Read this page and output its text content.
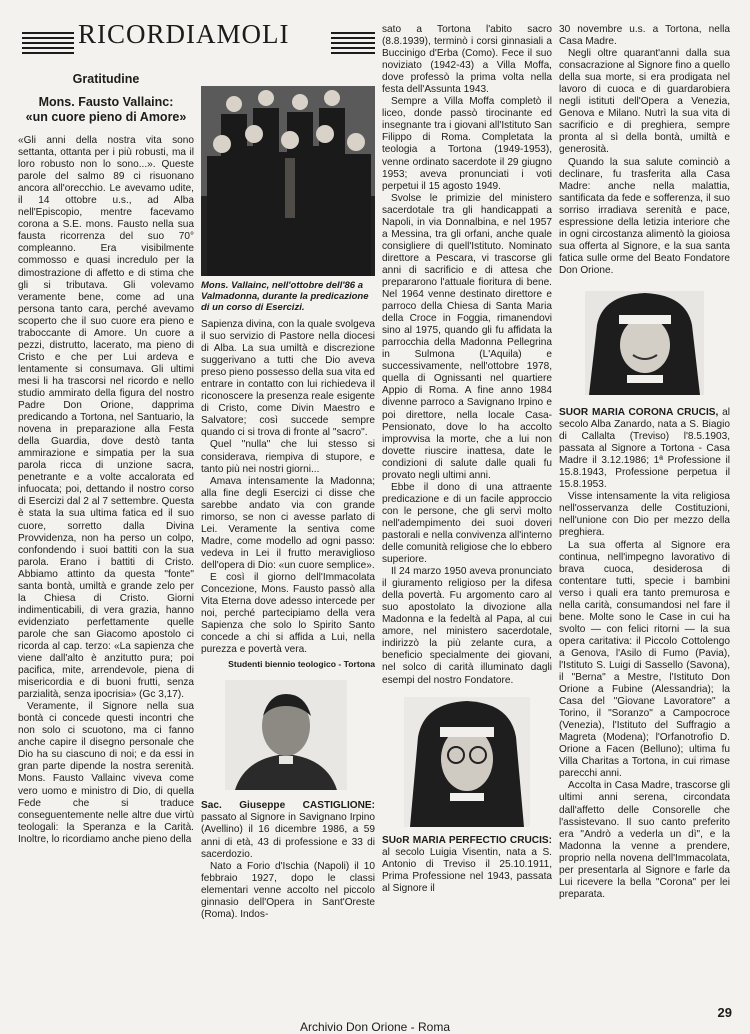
RICORDIAMOLI
Gratitudine
Mons. Fausto Vallainc:
«un cuore pieno di Amore»

«Gli anni della nostra vita sono settanta, ottanta per i più robusti, ma il loro robusto non lo sono...». Queste parole del salmo 89 ci risuonano ancora all'orecchio. Le avevamo udite, il 14 ottobre u.s., ad Alba nell'Episcopio, mentre facevamo corona a S.E. mons. Fausto nella sua fausta ricorrenza del suo 70° compleanno. Era visibilmente commosso e quasi incredulo per la dimostrazione di affetto e di stima che gli si tributava. Gli volevamo veramente bene, come ad una persona tanto cara, perché avevamo scoperto che il suo cuore era pieno e traboccante di Amore. Un cuore a pezzi, distrutto, lacerato, ma pieno di Cristo e che per Lui ardeva e lentamente si consumava. Gli ultimi mesi li ha trascorsi nel ricordo e nello studio ammirato della figura del nostro Padre Don Orione, dapprima predicando a Tortona, nel Santuario, la novena in preparazione alla Festa della Guardia, dove destò tanta ammirazione e simpatia per la sua parola ricca di unzione sacra, penetrante e a volte accalorata ed infuocata; poi, dettando il nostro corso di Esercizi dal 2 al 7 settembre. Questa è stata la sua ultima fatica ed il suo cuore, sorretto dalla Divina Provvidenza, non ha perso un colpo, confondendo i suoi battiti con la sua parola. Erano i battiti di Cristo. Abbiamo attinto da questa "fonte" santa bontà, umiltà e grande zelo per la Chiesa di Cristo. Giorni indimenticabili, di vera grazia, hanno evidenziato perfettamente quelle parole che san Giacomo apostolo ci ricorda al cap. terzo: «La sapienza che viene dall'alto è anzitutto pura; poi pacifica, mite, arrendevole, piena di misericordia e di buoni frutti, senza parzialità, senza ipocrisia» (Gc 3,17).

Veramente, il Signore nella sua bontà ci concede questi incontri che non solo ci scuotono, ma ci fanno anche capire il disegno personale che Dio ha su ciascuno di noi; e da essi in gran parte dipende la nostra serenità. Mons. Fausto Vallainc viveva come vero uomo e ministro di Dio, di quella Fede che si traduce conseguentemente nelle altre due virtù teologali: la Speranza e la Carità. Inoltre, lo ricordiamo anche pieno della

Mons. Vallainc, nell'ottobre dell'86 a Valmadonna, durante la predicazione di un corso di Esercizi.

Sapienza divina, con la quale svolgeva il suo servizio di Pastore nella diocesi di Alba. La sua umiltà e discrezione suggerivano a tutti che Dio aveva preso pieno possesso della sua vita ed entrare in contatto con lui richiedeva il riconoscere la presenza reale esigente di Cristo, come Divin Maestro e Salvatore; così succede sempre quando ci si trova di fronte al "sacro".

Quel "nulla" che lui stesso si considerava, riempiva di stupore, e tanto più nei nostri giorni...

Amava intensamente la Madonna; alla fine degli Esercizi ci disse che sarebbe andato via con grande rimorso, se non ci avesse parlato di Lei. Veramente la sentiva come Madre, come modello ad ogni passo: vedeva in Lei il frutto meraviglioso dell'opera di Dio: «un cuore semplice».

E così il giorno dell'Immacolata Concezione, Mons. Fausto passò alla Vita Eterna dove adesso intercede per noi, perché partecipiamo della vera Sapienza che solo lo Spirito Santo concede a chi si affida a Lui, nella purezza e povertà vera.

Studenti biennio teologico - Tortona

Sac. Giuseppe CASTIGLIONE: passato al Signore in Savignano Irpino (Avellino) il 16 dicembre 1986, a 59 anni di età, 43 di professione e 33 di sacerdozio.

Nato a Forio d'Ischia (Napoli) il 10 febbraio 1927, dopo le classi elementari venne accolto nel piccolo ginnasio dell'Opera in Sant'Oreste (Roma). Indos-

sato a Tortona l'abito sacro (8.8.1939), terminò i corsi ginnasiali a Buccinigo d'Erba (Como). Fece il suo noviziato (1942-43) a Villa Moffa, dove professò la prima volta nella festa dell'Assunta 1943.

Sempre a Villa Moffa completò il liceo, donde passò tirocinante ed insegnante tra i giovani all'Istituto San Filippo di Roma. Completata la teologia a Tortona (1949-1953), venne ordinato sacerdote il 29 giugno 1953; aveva pronunciati i voti perpetui il 15 agosto 1949.

Svolse le primizie del ministero sacerdotale tra gli handicappati a Napoli, in via Donnalbina, e nel 1957 a Messina, tra gli orfani, anche quale consigliere di quell'Istituto. Nominato direttore a Pescara, vi trascorse gli anni di sacrificio e di attesa che prepararono l'attuale fioritura di bene. Nel 1964 venne destinato direttore e parroco della Chiesa di Santa Maria della Croce in Foggia, rimanendovi sino al 1975, quando gli fu affidata la parrocchia della Madonna Pellegrina in Sulmona (L'Aquila) e successivamente, nell'ottobre 1978, quella di Ognissanti nel quartiere Appio di Roma. A fine anno 1984 divenne parroco a Savignano Irpino e poi direttore, nella locale Casa-Pensionato, dove lo ha accolto improvvisa la morte, che a lui non dovette riuscire inattesa, date le condizioni di salute dalle quali fu provato negli ultimi anni.

Ebbe il dono di una attraente predicazione e di un facile approccio con le persone, che gli servì molto nell'adempimento dei suoi doveri pastorali e nella convivenza all'interno delle comunità religiose che lo ebbero superiore.

Il 24 marzo 1950 aveva pronunciato il giuramento religioso per la difesa della povertà. Fu argomento caro al suo apostolato la divozione alla Madonna e la fedeltà al Papa, al cui amore, nel ministero sacerdotale, indirizzò la più zelante cura, a beneficio specialmente dei giovani, nel solco di carità illuminato dagli esempi del nostro Fondatore.

SUoR MARIA PERFECTIO CRUCIS: al secolo Luigia Visentin, nata a S. Antonio di Treviso il 25.10.1911, Prima Professione nel 1943, passata al Signore il

30 novembre u.s. a Tortona, nella Casa Madre.

Negli oltre quarant'anni dalla sua consacrazione al Signore fino a quello della sua morte, si era prodigata nel lavoro di cuoca e di guardarobiera negli istituti dell'Opera a Venezia, Genova e Milano. Nutrì la sua vita di sacrificio e di preghiera, sempre pronta al sì della bontà, umiltà e generosità.

Quando la sua salute cominciò a declinare, fu trasferita alla Casa Madre: anche nella malattia, santificata da fede e sofferenza, il suo sorriso irradiava serenità e pace, espressione della letizia interiore che in ogni circostanza alimentò la gioiosa sua offerta al Signore, e la sua santa fatica sulle orme del Beato Fondatore Don Orione.

SUOR MARIA CORONA CRUCIS, al secolo Alba Zanardo, nata a S. Biagio di Callalta (Treviso) l'8.5.1903, passata al Signore a Tortona - Casa Madre il 3.12.1986; 1ª Professione il 15.8.1943, Professione perpetua il 15.8.1953.

Visse intensamente la vita religiosa nell'osservanza delle Costituzioni, nell'unione con Dio per mezzo della preghiera.

La sua offerta al Signore era continua, nell'impegno lavorativo di brava cuoca, desiderosa di contentare tutti, specie i bambini verso i quali era tanto premurosa e nella carità, consumandosi nel fare il bene. Molte sono le Case in cui ha svolto — con felici ritorni — la sua opera caritativa: il Piccolo Cottolengo a Genova, l'Asilo di Fumo (Pavia), l'Istituto S. Luigi di Sassello (Savona), il "Berna" a Mestre, l'Istituto Don Orione a Fubine (Alessandria); la Casa del "Giovane Lavoratore" a Torino, il "Soranzo" a Campocroce (Venezia), l'Istituto del Suffragio a Magreta (Modena); l'Orfanotrofio D. Orione a Facen (Belluno); ultima fu Villa Charitas a Tortona, in cui rimase parecchi anni.

Accolta in Casa Madre, trascorse gli ultimi anni serena, circondata dall'affetto delle Consorelle che l'assistevano. Il suo canto preferito era "Andrò a vederla un dì", e la Madonna la venne a prendere, proprio nella novena dell'Immacolata, per presentarla al Signore e farle da Lui ricevere la bella "Corona" per lei preparata.

29
Archivio Don Orione - Roma
